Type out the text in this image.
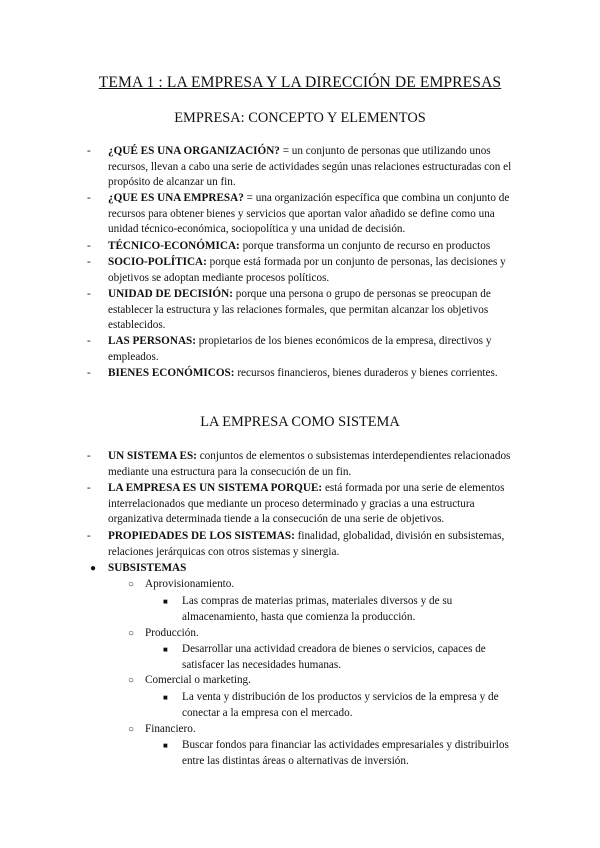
TEMA 1 : LA EMPRESA Y LA DIRECCIÓN DE EMPRESAS
EMPRESA: CONCEPTO Y ELEMENTOS
- ¿QUÉ ES UNA ORGANIZACIÓN? = un conjunto de personas que utilizando unos recursos, llevan a cabo una serie de actividades según unas relaciones estructuradas con el propósito de alcanzar un fin.
- ¿QUE ES UNA EMPRESA? = una organización específica que combina un conjunto de recursos para obtener bienes y servicios que aportan valor añadido se define como una unidad técnico-económica, sociopolítica y una unidad de decisión.
- TÉCNICO-ECONÓMICA: porque transforma un conjunto de recurso en productos
- SOCIO-POLÍTICA: porque está formada por un conjunto de personas, las decisiones y objetivos se adoptan mediante procesos políticos.
- UNIDAD DE DECISIÓN: porque una persona o grupo de personas se preocupan de establecer la estructura y las relaciones formales, que permitan alcanzar los objetivos establecidos.
- LAS PERSONAS: propietarios de los bienes económicos de la empresa, directivos y empleados.
- BIENES ECONÓMICOS: recursos financieros, bienes duraderos y bienes corrientes.
LA EMPRESA COMO SISTEMA
- UN SISTEMA ES: conjuntos de elementos o subsistemas interdependientes relacionados mediante una estructura para la consecución de un fin.
- LA EMPRESA ES UN SISTEMA PORQUE: está formada por una serie de elementos interrelacionados que mediante un proceso determinado y gracias a una estructura organizativa determinada tiende a la consecución de una serie de objetivos.
- PROPIEDADES DE LOS SISTEMAS: finalidad, globalidad, división en subsistemas, relaciones jerárquicas con otros sistemas y sinergia.
● SUBSISTEMAS
○ Aprovisionamiento.
■ Las compras de materias primas, materiales diversos y de su almacenamiento, hasta que comienza la producción.
○ Producción.
■ Desarrollar una actividad creadora de bienes o servicios, capaces de satisfacer las necesidades humanas.
○ Comercial o marketing.
■ La venta y distribución de los productos y servicios de la empresa y de conectar a la empresa con el mercado.
○ Financiero.
■ Buscar fondos para financiar las actividades empresariales y distribuirlos entre las distintas áreas o alternativas de inversión.
